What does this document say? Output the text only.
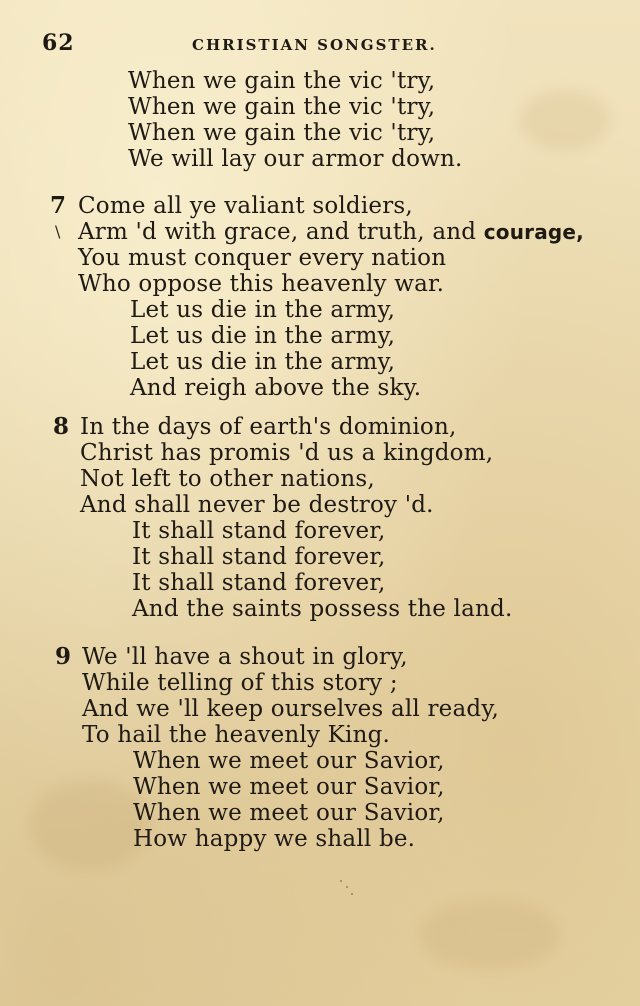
62	CHRISTIAN SONGSTER.
When we gain the vic 'try,
When we gain the vic 'try,
When we gain the vic 'try,
We will lay our armor down.
7 Come all ye valiant soldiers,
\ Arm 'd with grace, and truth, and courage,
You must conquer every nation
Who oppose this heavenly war.
Let us die in the army,
Let us die in the army,
Let us die in the army,
And reigh above the sky.
8 In the days of earth's dominion,
Christ has promis 'd us a kingdom,
Not left to other nations,
And shall never be destroy 'd.
It shall stand forever,
It shall stand forever,
It shall stand forever,
And the saints possess the land.
9 We 'll have a shout in glory,
While telling of this story ;
And we 'll keep ourselves all ready,
To hail the heavenly King.
When we meet our Savior,
When we meet our Savior,
When we meet our Savior,
How happy we shall be.
